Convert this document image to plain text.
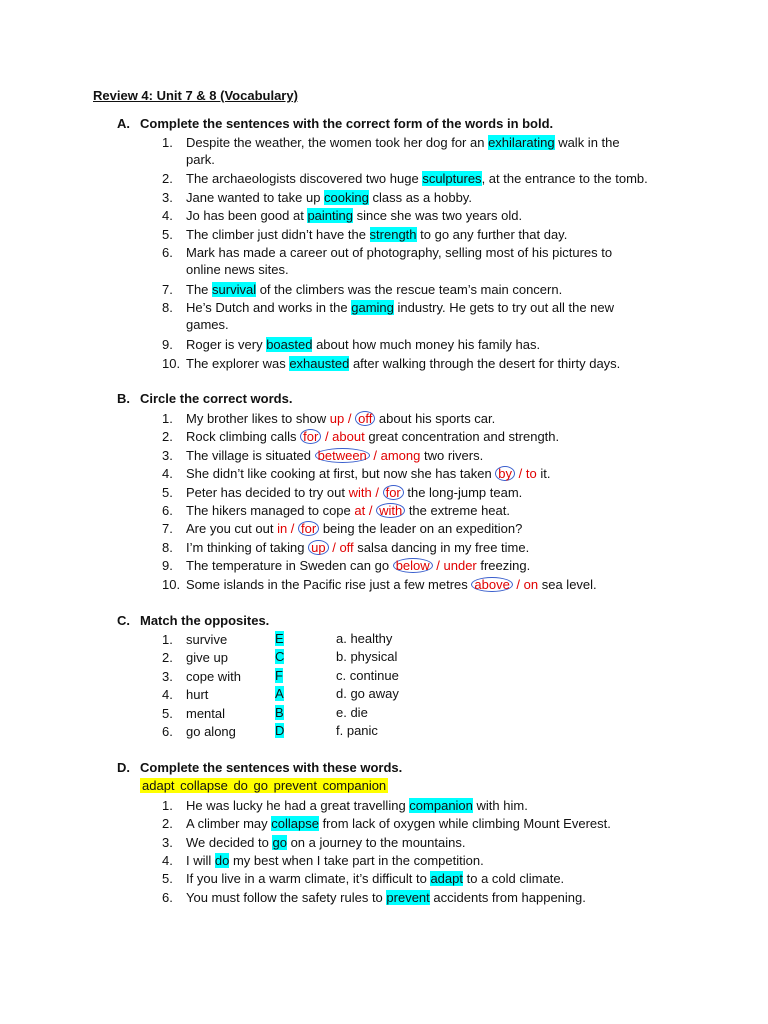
Review 4: Unit 7 & 8 (Vocabulary)
A. Complete the sentences with the correct form of the words in bold.
1. Despite the weather, the women took her dog for an exhilarating walk in the
park.
2. The archaeologists discovered two huge sculptures, at the entrance to the tomb.
3. Jane wanted to take up cooking class as a hobby.
4. Jo has been good at painting since she was two years old.
5. The climber just didn’t have the strength to go any further that day.
6. Mark has made a career out of photography, selling most of his pictures to
online news sites.
7. The survival of the climbers was the rescue team’s main concern.
8. He’s Dutch and works in the gaming industry. He gets to try out all the new
games.
9. Roger is very boasted about how much money his family has.
10. The explorer was exhausted after walking through the desert for thirty days.
B. Circle the correct words.
1. My brother likes to show up / off about his sports car.
2. Rock climbing calls for / about great concentration and strength.
3. The village is situated between / among two rivers.
4. She didn’t like cooking at first, but now she has taken by / to it.
5. Peter has decided to try out with / for the long-jump team.
6. The hikers managed to cope at / with the extreme heat.
7. Are you cut out in / for being the leader on an expedition?
8. I’m thinking of taking up / off salsa dancing in my free time.
9. The temperature in Sweden can go below / under freezing.
10. Some islands in the Pacific rise just a few metres above / on sea level.
C. Match the opposites.
1. survive	E	a. healthy
2. give up	C	b. physical
3. cope with	F	c. continue
4. hurt	A	d. go away
5. mental	B	e. die
6. go along	D	f. panic
D. Complete the sentences with these words.
adapt collapse do go prevent companion
1. He was lucky he had a great travelling companion with him.
2. A climber may collapse from lack of oxygen while climbing Mount Everest.
3. We decided to go on a journey to the mountains.
4. I will do my best when I take part in the competition.
5. If you live in a warm climate, it’s difficult to adapt to a cold climate.
6. You must follow the safety rules to prevent accidents from happening.
